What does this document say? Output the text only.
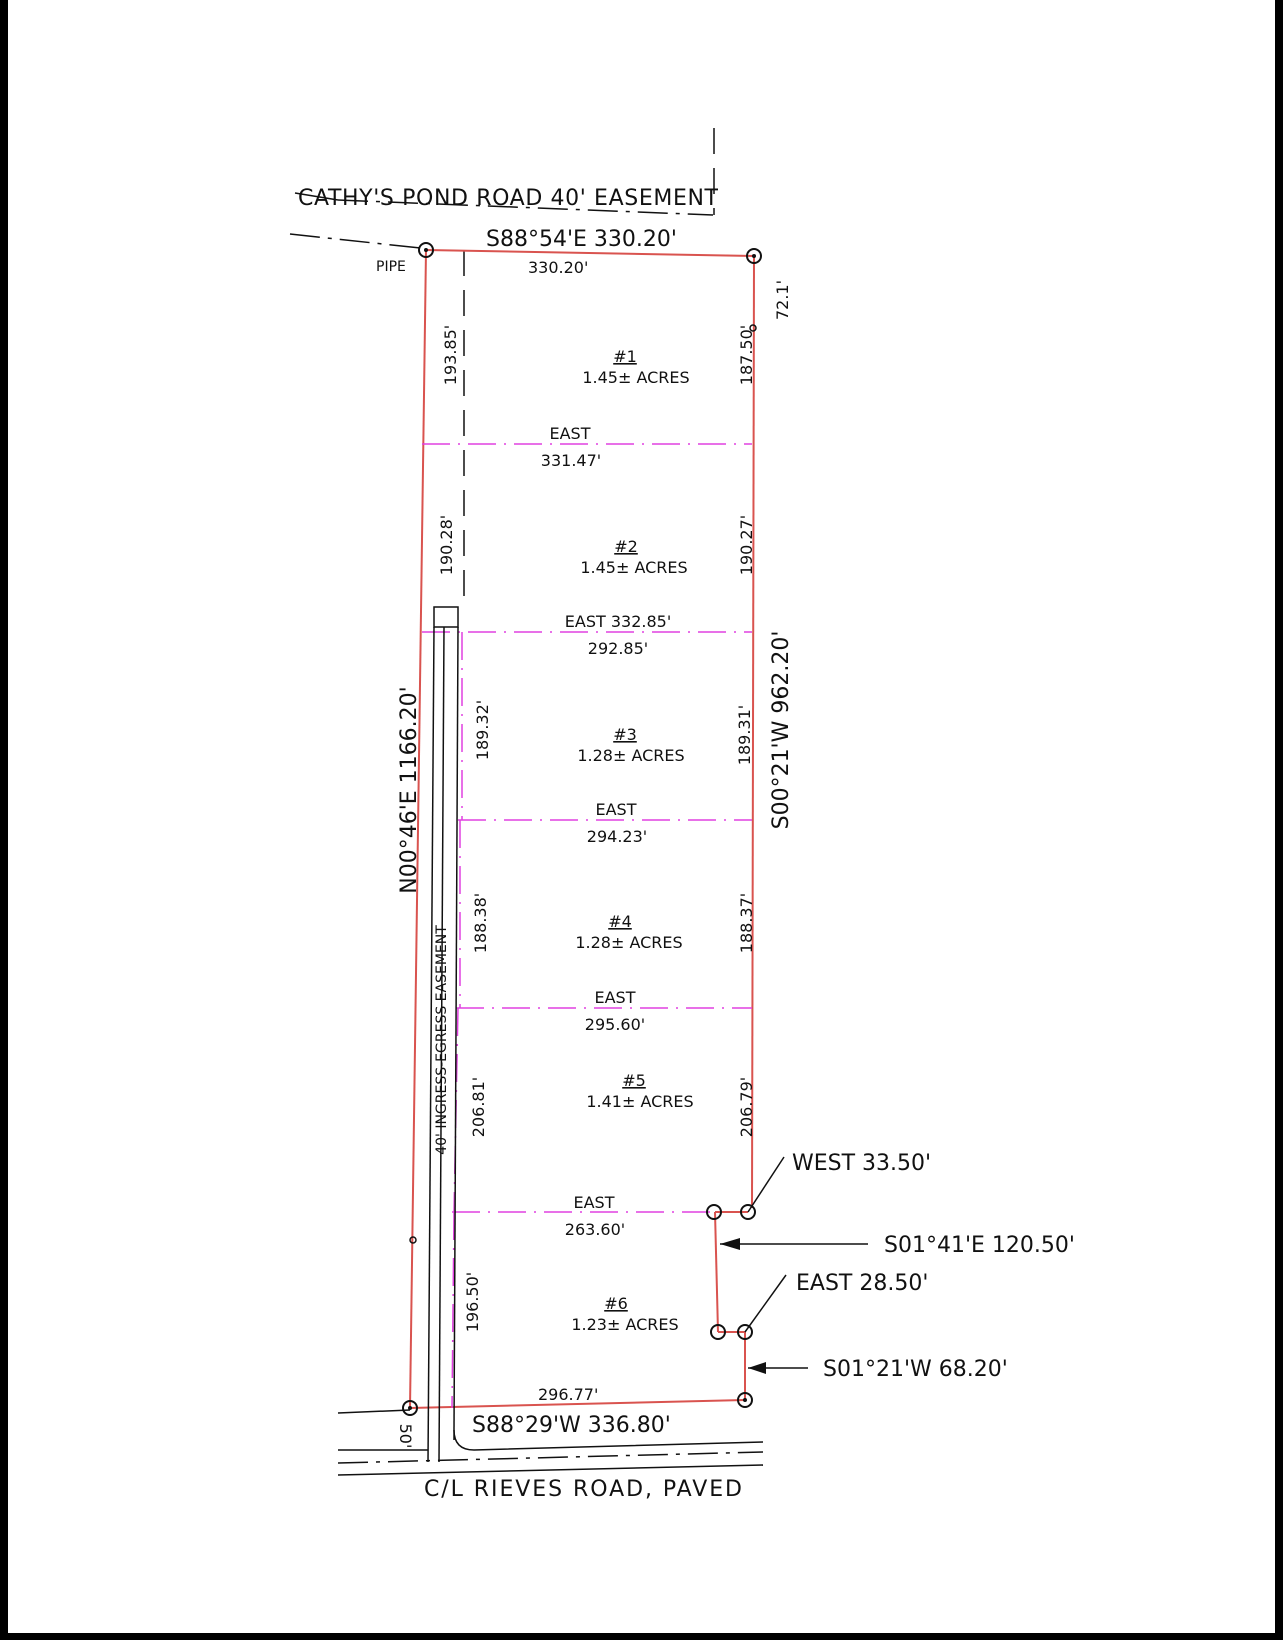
CATHY'S POND ROAD 40' EASEMENT
S88°54'E 330.20'
330.20'
PIPE
72.1'
N00°46'E 1166.20'	S00°21'W 962.20'
40' INGRESS-EGRESS EASEMENT
#1
1.45± ACRES
193.85'	187.50'
EAST
331.47'
#2
1.45± ACRES
190.28'	190.27'
EAST 332.85'
292.85'
#3
1.28± ACRES
189.32'	189.31'
EAST
294.23'
#4
1.28± ACRES
188.38'	188.37'
EAST
295.60'
#5
1.41± ACRES
206.81'	206.79'
EAST
263.60'
#6
1.23± ACRES
196.50'
WEST 33.50'
S01°41'E 120.50'
EAST 28.50'
S01°21'W 68.20'
296.77'
S88°29'W 336.80'
C/L RIEVES ROAD, PAVED
50'
